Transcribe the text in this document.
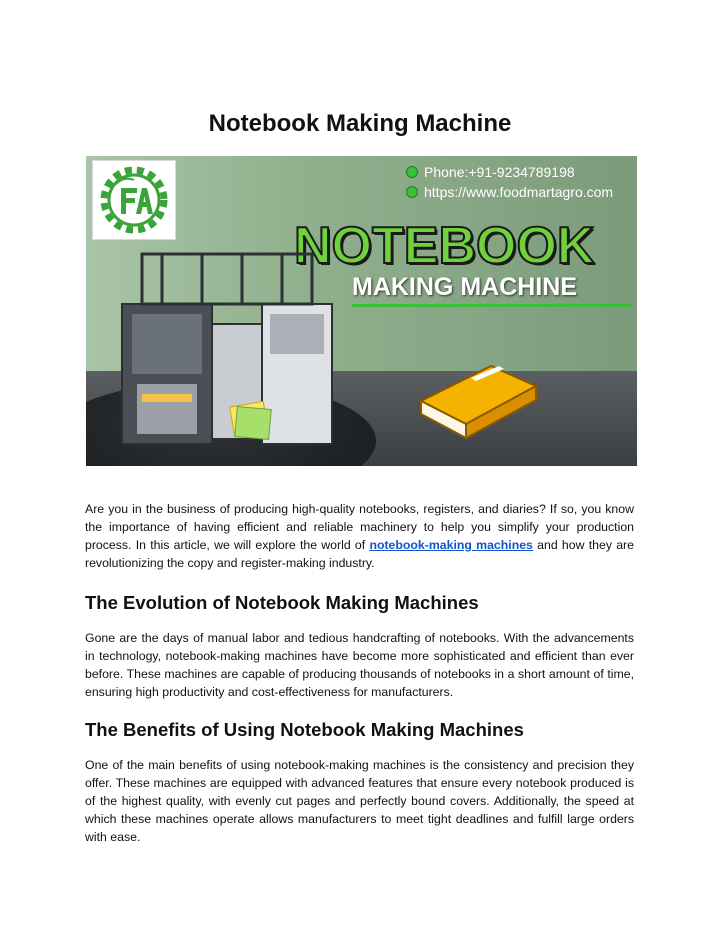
Notebook Making Machine
Phone:+91-9234789198
https://www.foodmartagro.com
NOTEBOOK
MAKING MACHINE

Are you in the business of producing high-quality notebooks, registers, and diaries? If so, you know the importance of having efficient and reliable machinery to help you simplify your production process. In this article, we will explore the world of notebook-making machines and how they are revolutionizing the copy and register-making industry.

The Evolution of Notebook Making Machines

Gone are the days of manual labor and tedious handcrafting of notebooks. With the advancements in technology, notebook-making machines have become more sophisticated and efficient than ever before. These machines are capable of producing thousands of notebooks in a short amount of time, ensuring high productivity and cost-effectiveness for manufacturers.

The Benefits of Using Notebook Making Machines

One of the main benefits of using notebook-making machines is the consistency and precision they offer. These machines are equipped with advanced features that ensure every notebook produced is of the highest quality, with evenly cut pages and perfectly bound covers. Additionally, the speed at which these machines operate allows manufacturers to meet tight deadlines and fulfill large orders with ease.
